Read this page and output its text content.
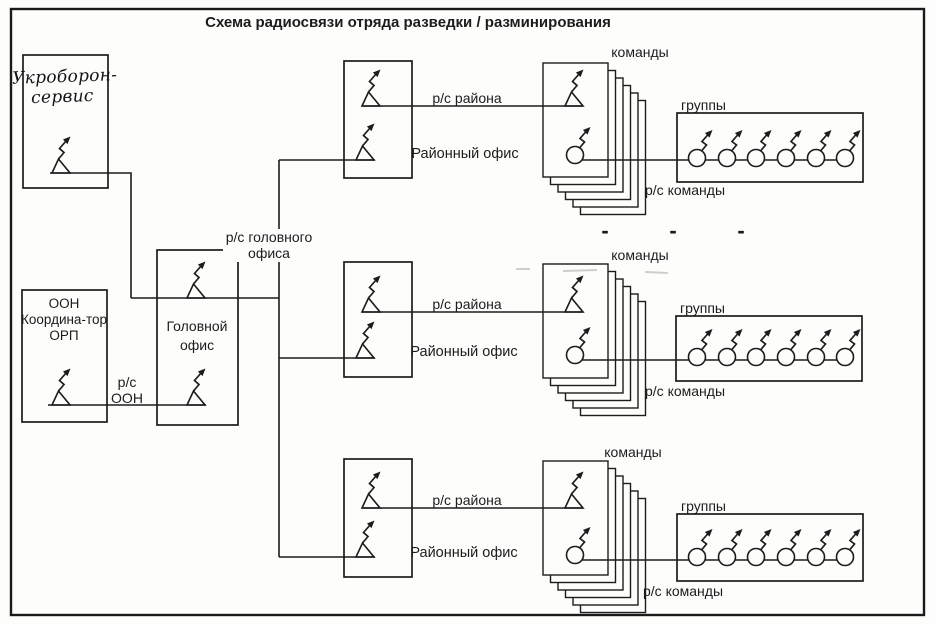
Схема радиосвязи отряда разведки / разминирования
Укроборон-
сервис
ООН
Координа-тор
ОРП
Головной
офис
р/с головного
офиса
р/с
ООН
р/с района
р/с района
р/с района
Районный офис
Районный офис
Районный офис
команды
команды
команды
группы
группы
группы
р/с команды
р/с команды
р/с команды
-	-	-
